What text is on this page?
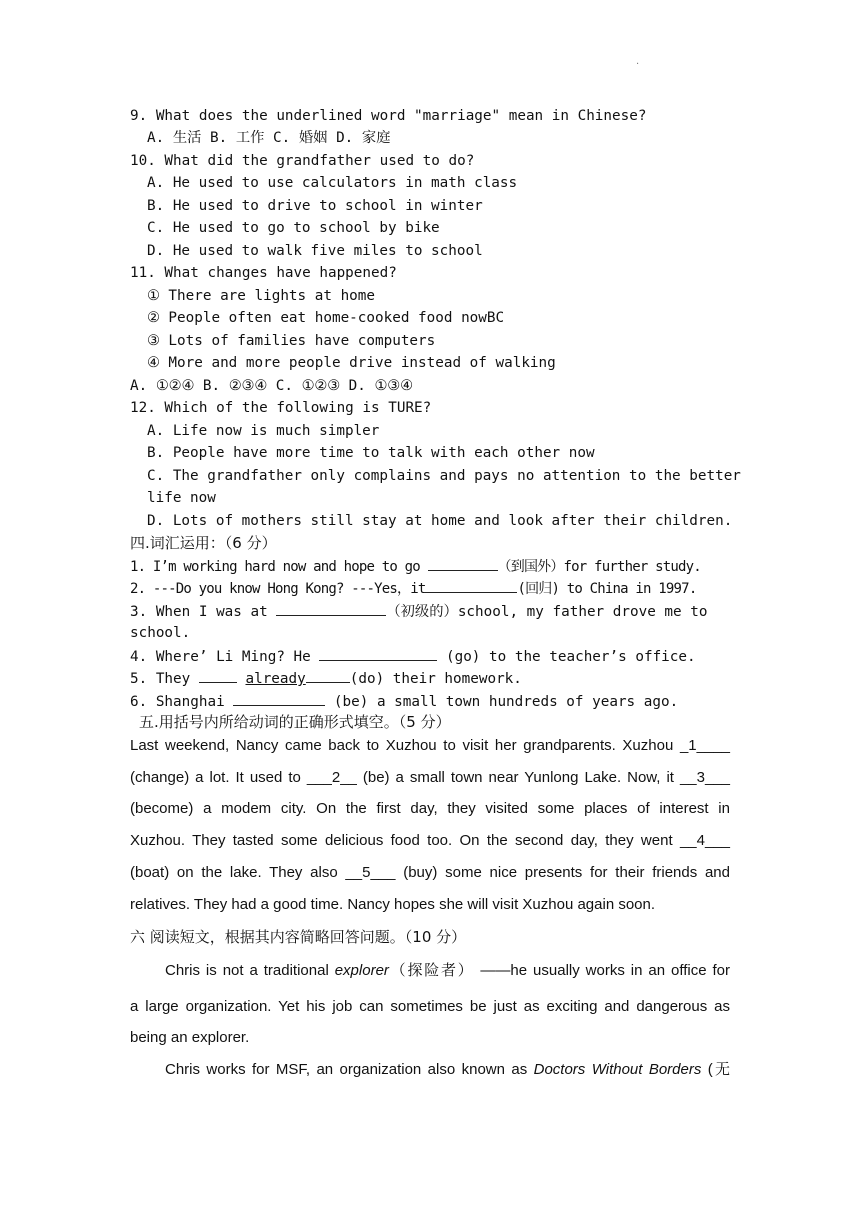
.
9. What does the underlined word "marriage" mean in Chinese?
A. 生活 B. 工作 C. 婚姻 D. 家庭
10. What did the grandfather used to do?
A. He used to use calculators in math class
B. He used to drive to school in winter
C. He used to go to school by bike
D. He used to walk five miles to school
11. What changes have happened?
① There are lights at home
② People often eat home-cooked food nowBC
③ Lots of families have computers
④ More and more people drive instead of walking
A. ①②④ B. ②③④ C. ①②③ D. ①③④
12. Which of the following is TURE?
A. Life now is much simpler
B. People have more time to talk with each other now
C. The grandfather only complains and pays no attention to the better
life now
D. Lots of mothers still stay at home and look after their children.
四.词汇运用：（6 分）
1. I’m working hard now and hope to go	（到国外）for further study.
2. ---Do you know Hong Kong? ---Yes，it	(回归) to China in 1997.
3. When I was at	（初级的）school, my father drove me to
school.
4. Where’ Li Ming? He	(go) to the teacher’s office.
5. They	already	(do) their homework.
6. Shanghai	(be) a small town hundreds of years ago.
五.用括号内所给动词的正确形式填空。（5 分）
Last weekend, Nancy came back to Xuzhou to visit her grandparents. Xuzhou _1____
(change) a lot. It used to ___2__ (be) a small town near Yunlong Lake. Now, it __3___
(become) a modem city. On the first day, they visited some places of interest in
Xuzhou. They tasted some delicious food too. On the second day, they went __4___
(boat) on the lake. They also __5___ (buy) some nice presents for their friends and
relatives. They had a good time. Nancy hopes she will visit Xuzhou again soon.
六 阅读短文，根据其内容简略回答问题。（10 分）
Chris is not a traditional explorer（探险者） ——he usually works in an office for
a large organization. Yet his job can sometimes be just as exciting and dangerous as
being an explorer.
Chris works for MSF, an organization also known as Doctors Without Borders (无
